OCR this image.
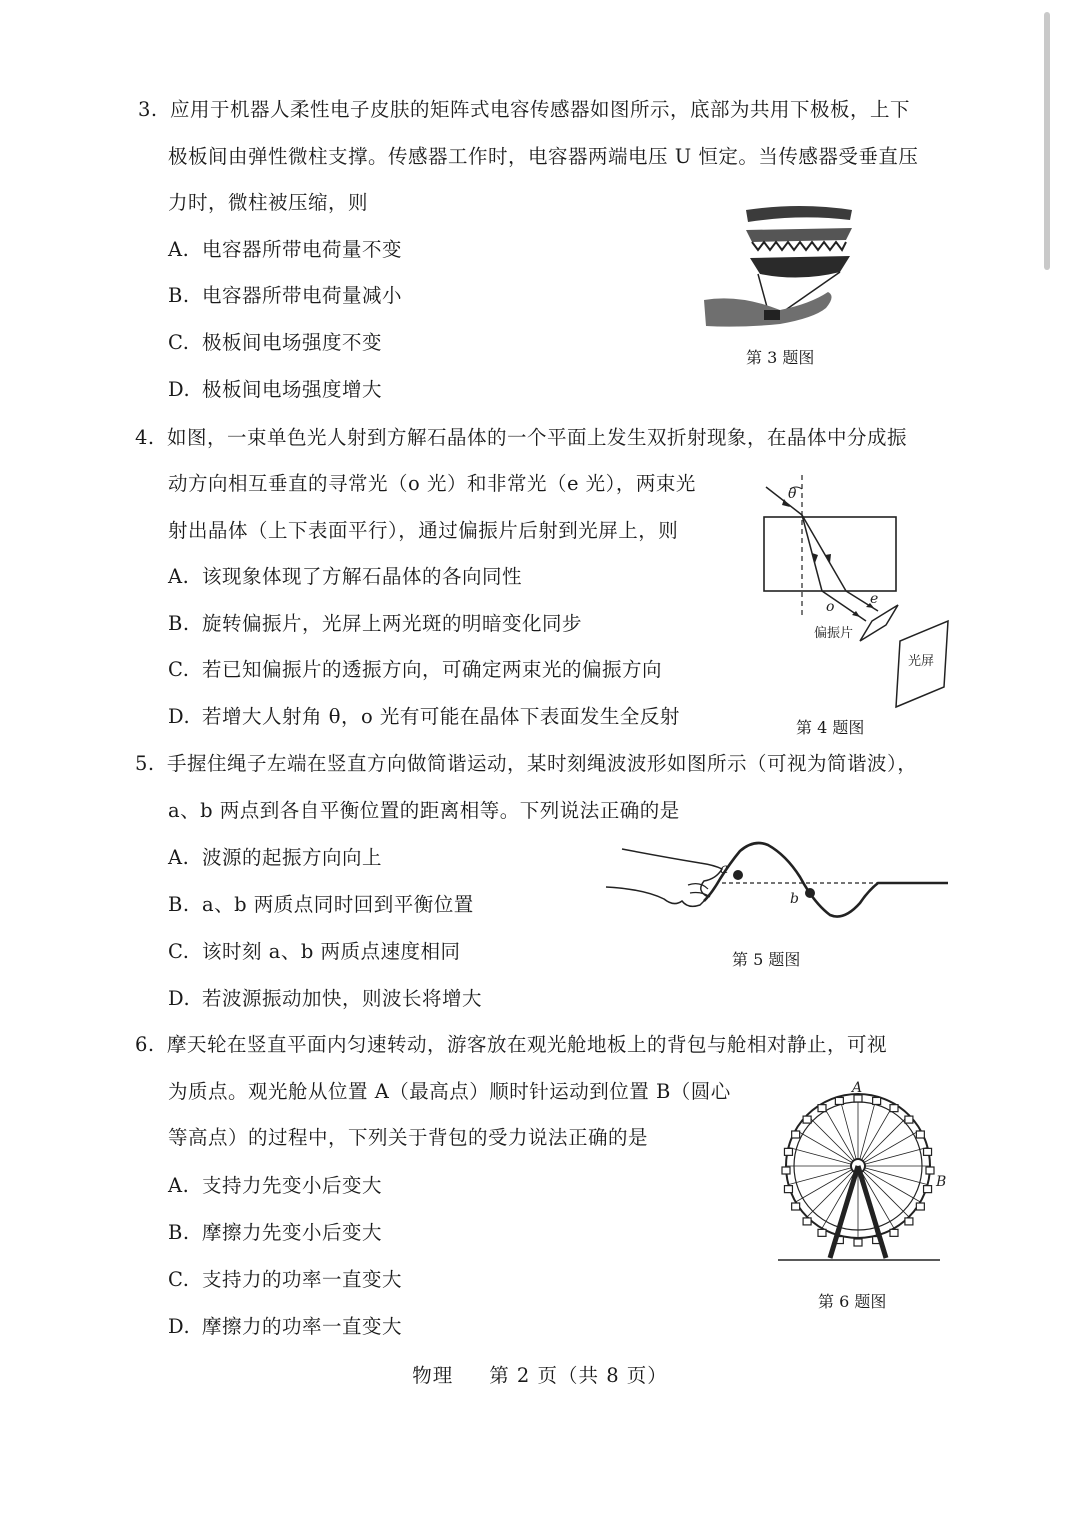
3. 应用于机器人柔性电子皮肤的矩阵式电容传感器如图所示，底部为共用下极板，上下
极板间由弹性微柱支撑。传感器工作时，电容器两端电压 U 恒定。当传感器受垂直压
力时，微柱被压缩，则
A. 电容器所带电荷量不变
B. 电容器所带电荷量减小
C. 极板间电场强度不变
D. 极板间电场强度增大
第 3 题图
4. 如图，一束单色光人射到方解石晶体的一个平面上发生双折射现象，在晶体中分成振
动方向相互垂直的寻常光（o 光）和非常光（e 光），两束光
射出晶体（上下表面平行），通过偏振片后射到光屏上，则
A. 该现象体现了方解石晶体的各向同性
B. 旋转偏振片，光屏上两光斑的明暗变化同步
C. 若已知偏振片的透振方向，可确定两束光的偏振方向
D. 若增大人射角 θ，o 光有可能在晶体下表面发生全反射
θ
o	e
偏振片
光屏
第 4 题图
5. 手握住绳子左端在竖直方向做简谐运动，某时刻绳波波形如图所示（可视为简谐波），
a、b 两点到各自平衡位置的距离相等。下列说法正确的是
A. 波源的起振方向向上
B. a、b 两质点同时回到平衡位置
C. 该时刻 a、b 两质点速度相同
D. 若波源振动加快，则波长将增大
a
b
第 5 题图
6. 摩天轮在竖直平面内匀速转动，游客放在观光舱地板上的背包与舱相对静止，可视
为质点。观光舱从位置 A（最高点）顺时针运动到位置 B（圆心
等高点）的过程中，下列关于背包的受力说法正确的是
A. 支持力先变小后变大
B. 摩擦力先变小后变大
C. 支持力的功率一直变大
D. 摩擦力的功率一直变大
A
B
第 6 题图
物理 第 2 页（共 8 页）
